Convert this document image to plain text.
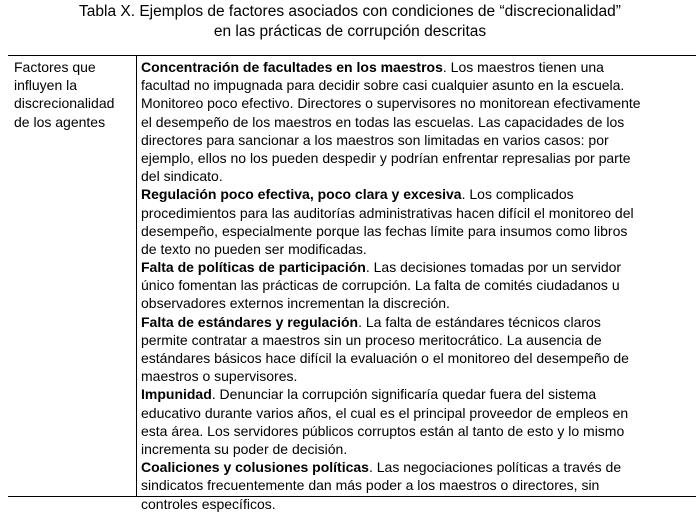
Tabla X. Ejemplos de factores asociados con condiciones de “discrecionalidad”
en las prácticas de corrupción descritas
Factores que
influyen la
discrecionalidad
de los agentes
Concentración de facultades en los maestros. Los maestros tienen una
facultad no impugnada para decidir sobre casi cualquier asunto en la escuela.
Monitoreo poco efectivo. Directores o supervisores no monitorean efectivamente
el desempeño de los maestros en todas las escuelas. Las capacidades de los
directores para sancionar a los maestros son limitadas en varios casos: por
ejemplo, ellos no los pueden despedir y podrían enfrentar represalias por parte
del sindicato.
Regulación poco efectiva, poco clara y excesiva. Los complicados
procedimientos para las auditorías administrativas hacen difícil el monitoreo del
desempeño, especialmente porque las fechas límite para insumos como libros
de texto no pueden ser modificadas.
Falta de políticas de participación. Las decisiones tomadas por un servidor
único fomentan las prácticas de corrupción. La falta de comités ciudadanos u
observadores externos incrementan la discreción.
Falta de estándares y regulación. La falta de estándares técnicos claros
permite contratar a maestros sin un proceso meritocrático. La ausencia de
estándares básicos hace difícil la evaluación o el monitoreo del desempeño de
maestros o supervisores.
Impunidad. Denunciar la corrupción significaría quedar fuera del sistema
educativo durante varios años, el cual es el principal proveedor de empleos en
esta área. Los servidores públicos corruptos están al tanto de esto y lo mismo
incrementa su poder de decisión.
Coaliciones y colusiones políticas. Las negociaciones políticas a través de
sindicatos frecuentemente dan más poder a los maestros o directores, sin
controles específicos.
